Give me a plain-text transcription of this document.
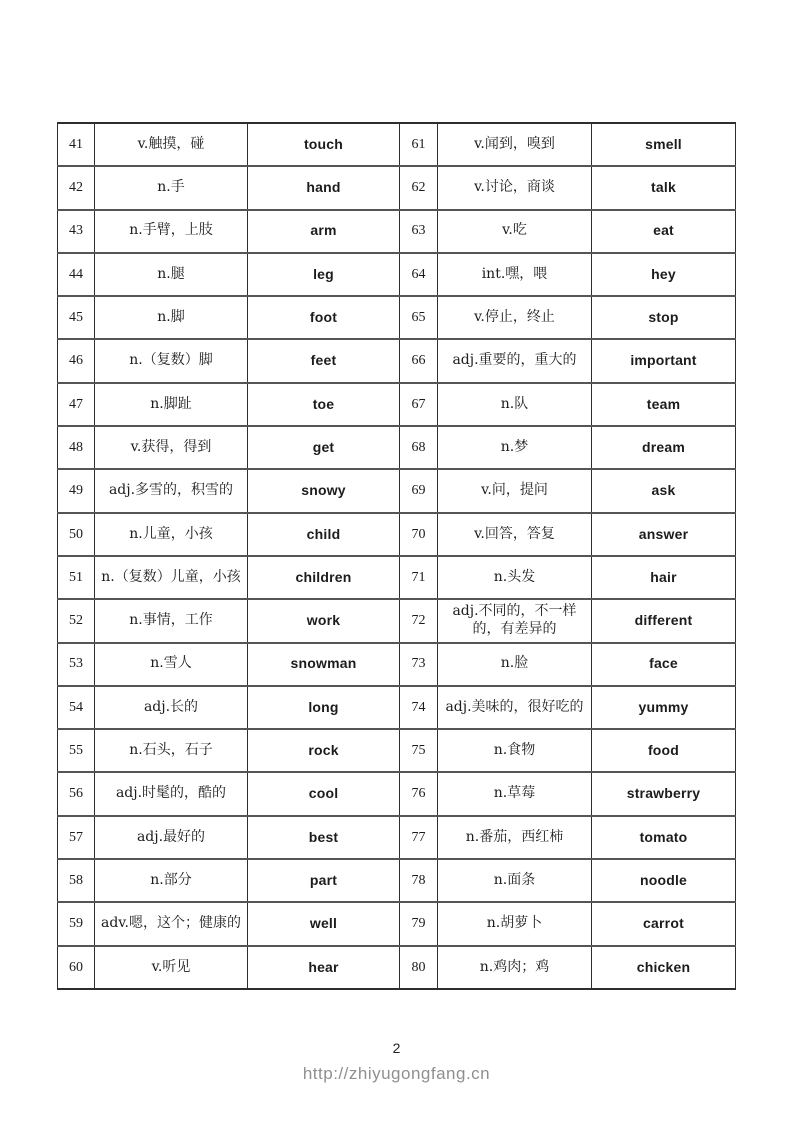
41	v.触摸，碰	touch	61	v.闻到，嗅到	smell
42	n.手	hand	62	v.讨论，商谈	talk
43	n.手臂，上肢	arm	63	v.吃	eat
44	n.腿	leg	64	int.嘿，喂	hey
45	n.脚	foot	65	v.停止，终止	stop
46	n.（复数）脚	feet	66	adj.重要的，重大的	important
47	n.脚趾	toe	67	n.队	team
48	v.获得，得到	get	68	n.梦	dream
49	adj.多雪的，积雪的	snowy	69	v.问，提问	ask
50	n.儿童，小孩	child	70	v.回答，答复	answer
51	n.（复数）儿童，小孩	children	71	n.头发	hair
52	n.事情，工作	work	72	adj.不同的，不一样的，有差异的	different
53	n.雪人	snowman	73	n.脸	face
54	adj.长的	long	74	adj.美味的，很好吃的	yummy
55	n.石头，石子	rock	75	n.食物	food
56	adj.时髦的，酷的	cool	76	n.草莓	strawberry
57	adj.最好的	best	77	n.番茄，西红柿	tomato
58	n.部分	part	78	n.面条	noodle
59	adv.嗯，这个；健康的	well	79	n.胡萝卜	carrot
60	v.听见	hear	80	n.鸡肉；鸡	chicken
2
http://zhiyugongfang.cn
